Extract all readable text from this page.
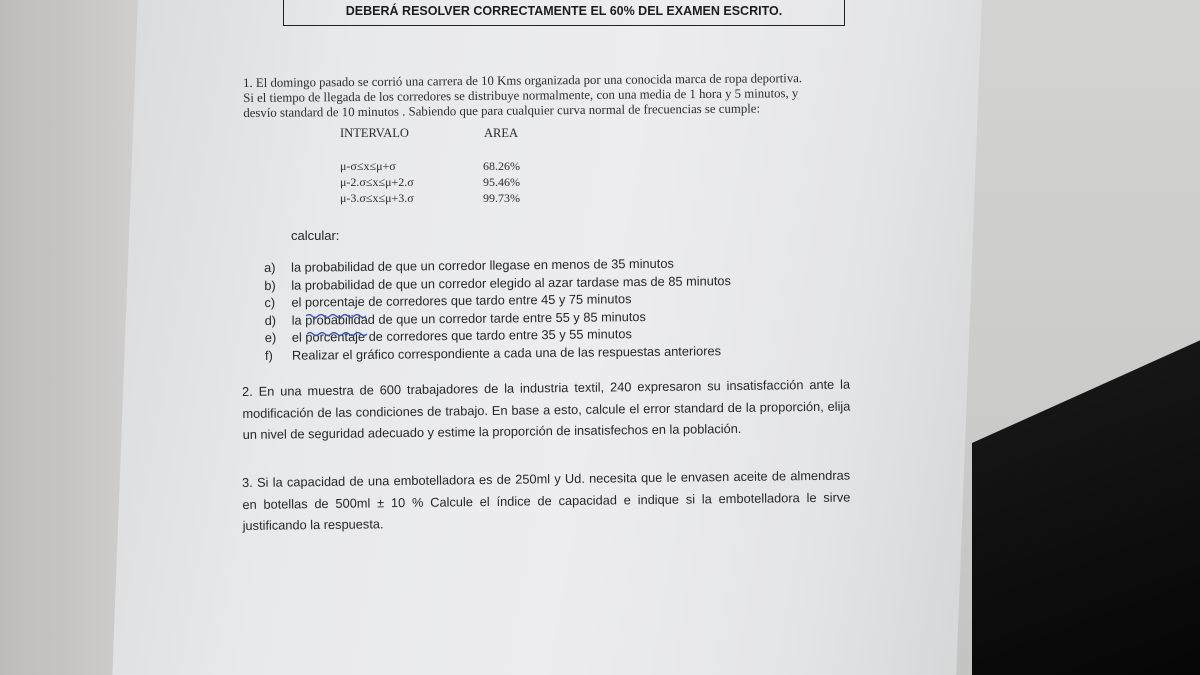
DEBERÁ RESOLVER CORRECTAMENTE EL 60% DEL EXAMEN ESCRITO.

1. El domingo pasado se corrió una carrera de 10 Kms organizada por una conocida marca de ropa deportiva.

Si el tiempo de llegada de los corredores se distribuye normalmente, con una media de 1 hora y 5 minutos, y

desvío standard de 10 minutos . Sabiendo que para cualquier curva normal de frecuencias se cumple:

INTERVALO	AREA
μ-σ≤x≤μ+σ	68.26%
μ-2.σ≤x≤μ+2.σ	95.46%
μ-3.σ≤x≤μ+3.σ	99.73%
calcular:
a)	la probabilidad de que un corredor llegase en menos de 35 minutos
b)	la probabilidad de que un corredor elegido al azar tardase mas de 85 minutos
c)	el porcentaje de corredores que tardo entre 45 y 75 minutos
d)	la probabilidad de que un corredor tarde entre 55 y 85 minutos
e)	el porcentaje de corredores que tardo entre 35 y 55 minutos
f)	Realizar el gráfico correspondiente a cada una de las respuestas anteriores
2. En una muestra de 600 trabajadores de la industria textil, 240 expresaron su insatisfacción ante la modificación de las condiciones de trabajo. En base a esto, calcule el error standard de la proporción, elija un nivel de seguridad adecuado y estime la proporción de insatisfechos en la población.
3. Si la capacidad de una embotelladora es de 250ml y Ud. necesita que le envasen aceite de almendras en botellas de 500ml ± 10 % Calcule el índice de capacidad e indique si la embotelladora le sirve justificando la respuesta.
